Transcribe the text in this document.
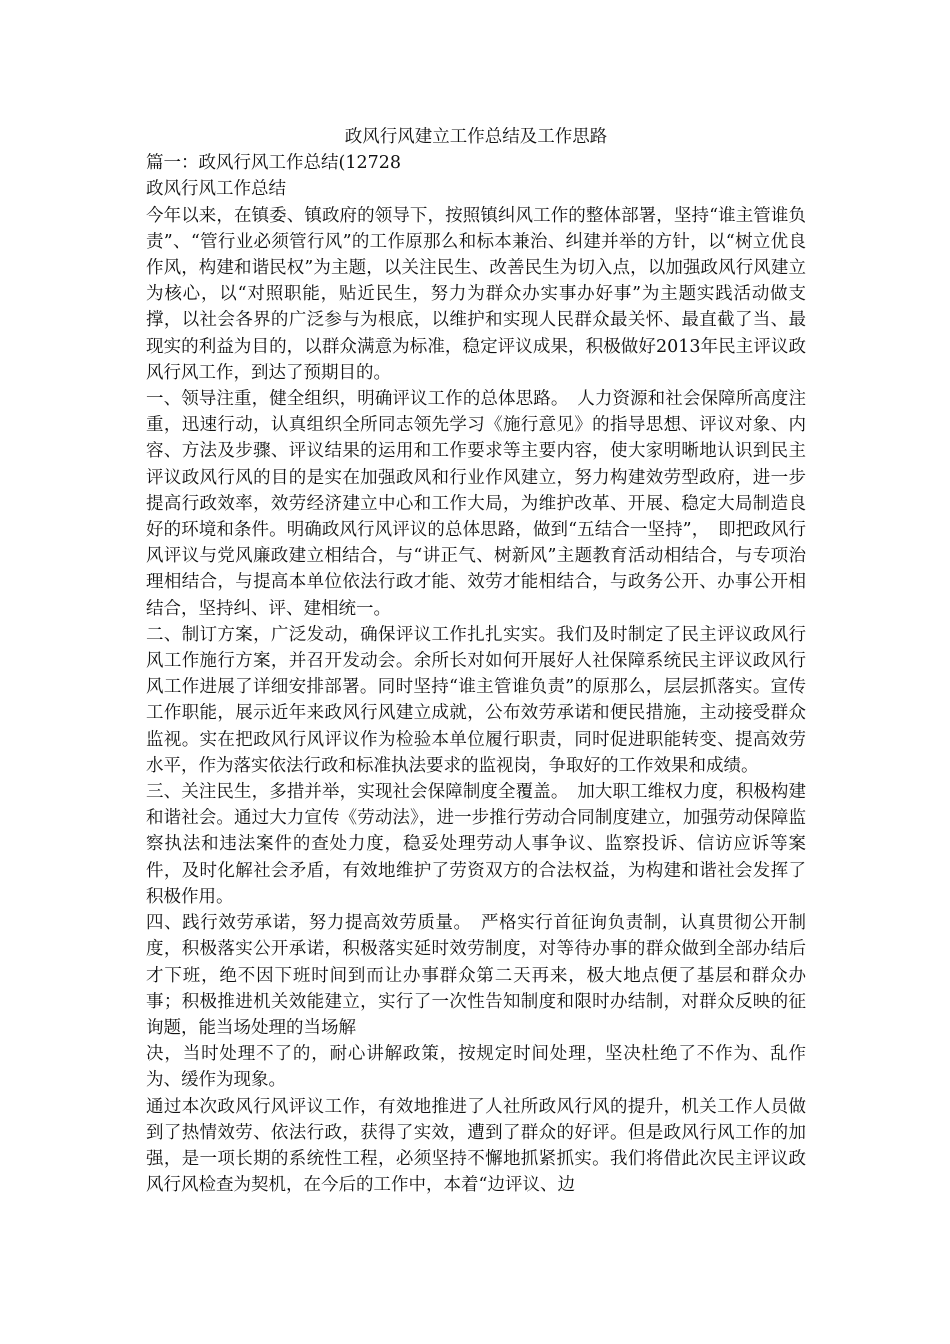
政风行风建立工作总结及工作思路
篇一：政风行风工作总结(12728
政风行风工作总结

今年以来，在镇委、镇政府的领导下，按照镇纠风工作的整体部署，坚持“谁主管谁负责”、“管行业必须管行风”的工作原那么和标本兼治、纠建并举的方针，以“树立优良作风，构建和谐民权”为主题，以关注民生、改善民生为切入点，以加强政风行风建立为核心，以“对照职能，贴近民生，努力为群众办实事办好事”为主题实践活动做支撑，以社会各界的广泛参与为根底，以维护和实现人民群众最关怀、最直截了当、最现实的利益为目的，以群众满意为标准，稳定评议成果，积极做好2013年民主评议政风行风工作，到达了预期目的。

一、领导注重，健全组织，明确评议工作的总体思路。　人力资源和社会保障所高度注重，迅速行动，认真组织全所同志领先学习《施行意见》的指导思想、评议对象、内容、方法及步骤、评议结果的运用和工作要求等主要内容，使大家明晰地认识到民主评议政风行风的目的是实在加强政风和行业作风建立，努力构建效劳型政府，进一步提高行政效率，效劳经济建立中心和工作大局，为维护改革、开展、稳定大局制造良好的环境和条件。明确政风行风评议的总体思路，做到“五结合一坚持”，　即把政风行风评议与党风廉政建立相结合，与“讲正气、树新风”主题教育活动相结合，与专项治理相结合，与提高本单位依法行政才能、效劳才能相结合，与政务公开、办事公开相结合，坚持纠、评、建相统一。

二、制订方案，广泛发动，确保评议工作扎扎实实。我们及时制定了民主评议政风行风工作施行方案，并召开发动会。余所长对如何开展好人社保障系统民主评议政风行风工作进展了详细安排部署。同时坚持“谁主管谁负责”的原那么，层层抓落实。宣传工作职能，展示近年来政风行风建立成就，公布效劳承诺和便民措施，主动接受群众监视。实在把政风行风评议作为检验本单位履行职责，同时促进职能转变、提高效劳水平，作为落实依法行政和标准执法要求的监视岗，争取好的工作效果和成绩。

三、关注民生，多措并举，实现社会保障制度全覆盖。　加大职工维权力度，积极构建和谐社会。通过大力宣传《劳动法》，进一步推行劳动合同制度建立，加强劳动保障监察执法和违法案件的查处力度，稳妥处理劳动人事争议、监察投诉、信访应诉等案件，及时化解社会矛盾，有效地维护了劳资双方的合法权益，为构建和谐社会发挥了积极作用。

四、践行效劳承诺，努力提高效劳质量。　严格实行首征询负责制，认真贯彻公开制度，积极落实公开承诺，积极落实延时效劳制度，对等待办事的群众做到全部办结后才下班，绝不因下班时间到而让办事群众第二天再来，极大地点便了基层和群众办事；积极推进机关效能建立，实行了一次性告知制度和限时办结制，对群众反映的征询题，能当场处理的当场解

决，当时处理不了的，耐心讲解政策，按规定时间处理，坚决杜绝了不作为、乱作为、缓作为现象。

通过本次政风行风评议工作，有效地推进了人社所政风行风的提升，机关工作人员做到了热情效劳、依法行政，获得了实效，遭到了群众的好评。但是政风行风工作的加强，是一项长期的系统性工程，必须坚持不懈地抓紧抓实。我们将借此次民主评议政风行风检查为契机，在今后的工作中，本着“边评议、边
